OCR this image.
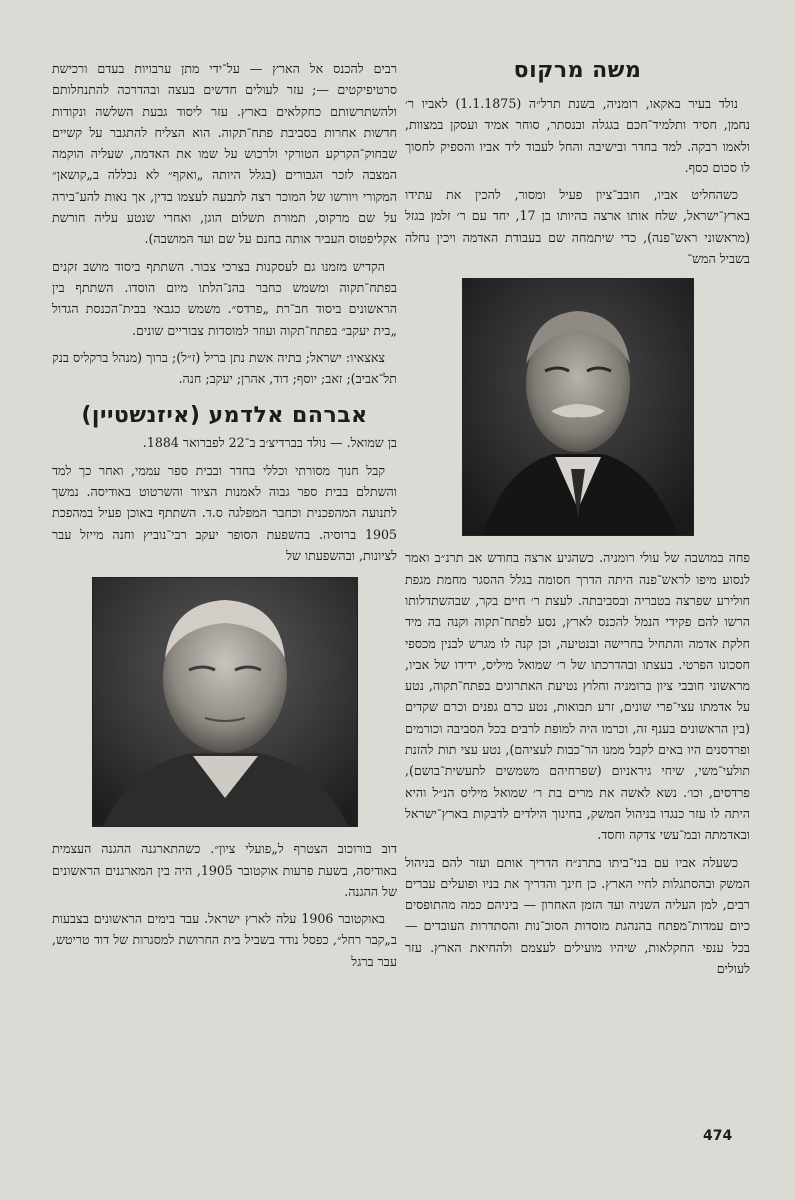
משה מרקוס

נולד בעיר באקאו, רומניה, בשנת תרל״ה (1.1.1875) לאביו ר׳ נחמן, חסיד ותלמיד־חכם בגגלה ובנסתר, סוחר אמיד ועסקן במצוות, ולאמו רבקה. למד בחדר ובישיבה והחל לעבוד ליד אביו והספיק לחסוך לו סכום כסף.

כשהחליט אביו, חובב־ציון פעיל ומסור, להכין את עתידו בארץ־ישראל, שלח אותו ארצה בהיותו בן 17, יחד עם ר׳ זלמן בגזל (מראשוני ראש־פנה), כדי שיתמחה שם בעבודת האדמה ויכין נחלה בשביל המש־

פחה במושבה של עולי רומניה. כשהגיע ארצה בחודש אב תרנ״ב ואמר לנסוע מיפו לראש־פנה היתה הדרך חסומה בגלל ההסגר מחמת מגפת חולירע שפרצה בטבריה ובסביבתה. לעצת ר׳ חיים בקר, שבהשתדלותו הרשו להם פקידי הנמל להכנס לארץ, נסע לפתח־תקוה וקנה בה מיד חלקת אדמה והתחיל בחרישה ובנטיעה, וכן קנה לו מגרש לבנין מכספי חסכונו הפרטי. בעצתו ובהדרכתו של ר׳ שמואל מיליס, ידידו של אביו, מראשוני חובבי ציון ברומניה וחלוץ נטיעת האתרוגים בפתח־תקוה, נטע על אדמתו עצי־פרי שונים, זרע תבואות, נטע כרם גפנים וכרם שקדים (בין הראשונים בענף זה, וכרמו היה למופת לרבים בכל הסביבה וכורמים ופרדסנים היו באים לקבל ממנו הר־כבות לעציהם), נטע עצי תות להזנת תולעי־משי, שיחי גיראניום (שפרחיהם משמשים לתעשית־בושם), פרדסים, וכו׳. נשא לאשה את מרים בת ר׳ שמואל מיליס הנ״ל והיא היתה לו עזר כנגדו בניהול המשק, בחינוך הילדים לדבקות בארץ־ישראל ובאדמתה ובמ־עשי צדקה וחסד.

כשעלה אביו עם בני־ביתו בתרנ״ח הדריך אותם ועזר להם בניהול המשק ובהסתגלות לחיי הארץ. כן חינך והדריך את בניו ופועלים עברים רבים, למן העליה השניה ועד הזמן האחרון — ביניהם כמה מהתופסים כיום עמדות־מפתח בהנהגת מוסדות הסוכ־נות והסתדרות העובדים — בכל ענפי החקלאות, שיהיו מועילים לעצמם ולהחיאת הארץ. עזר לעולים

רבים להכנס אל הארץ — על־ידי מתן ערבויות בעדם ורכישת סרטיפיקטים —; עזר לעולים חדשים בעצה ובהדרכה להתנחלותם ולהשתרשותם כחקלאים בארץ. עזר ליסוד גבעת השלשה ונקודות חדשות אחרות בסביבת פתח־תקוה. הוא הצליח להתגבר על קשיים שבחוק־הקרקע הטורקי ולרכוש על שמו את האדמה, שעליה הוקמה המצבה לזכר הגבורים (בגלל היותה „ואקף״ לא נכללה ב„קושאן״ המקורי ויורשו של המוכר רצה לתבעה לעצמו בדין, אך נאות להע־בירה על שם מרקוס, תמורת תשלום הוגן, ואחרי שנטע עליה חורשת אקליפטוס העביר אותה בחנם על שם ועד המושבה).

הקדיש מזמנו גם לעסקנות בצרכי צבור. השתתף ביסוד מושב זקנים בפתח־תקוה ומשמש כחבר בהנ־הלתו מיום הוסדו. השתתף בין הראשונים ביסוד חב־רת „פרדס״. משמש כגבאי בבית־הכנסת הגדול „בית יעקב״ בפתח־תקוה ועוזר למוסדות צבוריים שונים.

צאצאיו: ישראל; בתיה אשת נתן בריל (ז״ל); ברוך (מנהל ברקליס בנק תל־אביב); זאב; יוסף; דוד, אהרן; יעקב; חנה.

אברהם אלדמע (איזנשטיין)

בן שמואל. — נולד בברדיצ׳ב ב־22 לפברואר 1884.

קבל חנוך מסורתי וכללי בחדר ובבית ספר עממי, ואחר כך למד והשתלם בבית ספר גבוה לאמנות הציור והשרטוט באודיסה. נמשך לתנועה המהפכנית וכחבר המפלגה ס.ד. השתתף באוכן פעיל במהפכת 1905 ברוסיה. בהשפעת הסופר יעקב רבי־נוביץ וחנה מייזל עבר לציונות, ובהשפעתו של

דוב בורוכוב הצטרף ל„פועלי ציון״. כשהתארגנה ההגנה העצמית באודיסה, בשעת פרעות אוקטובר 1905, היה בין המארגנים הראשונים של ההגנה.

באוקטובר 1906 עלה לארץ ישראל. עבד בימים הראשונים בצבעות ב„קבר רחל״, כפסל נודד בשביל בית החרושת למסגרות של דוד טריטש, עבר ברגל

474
